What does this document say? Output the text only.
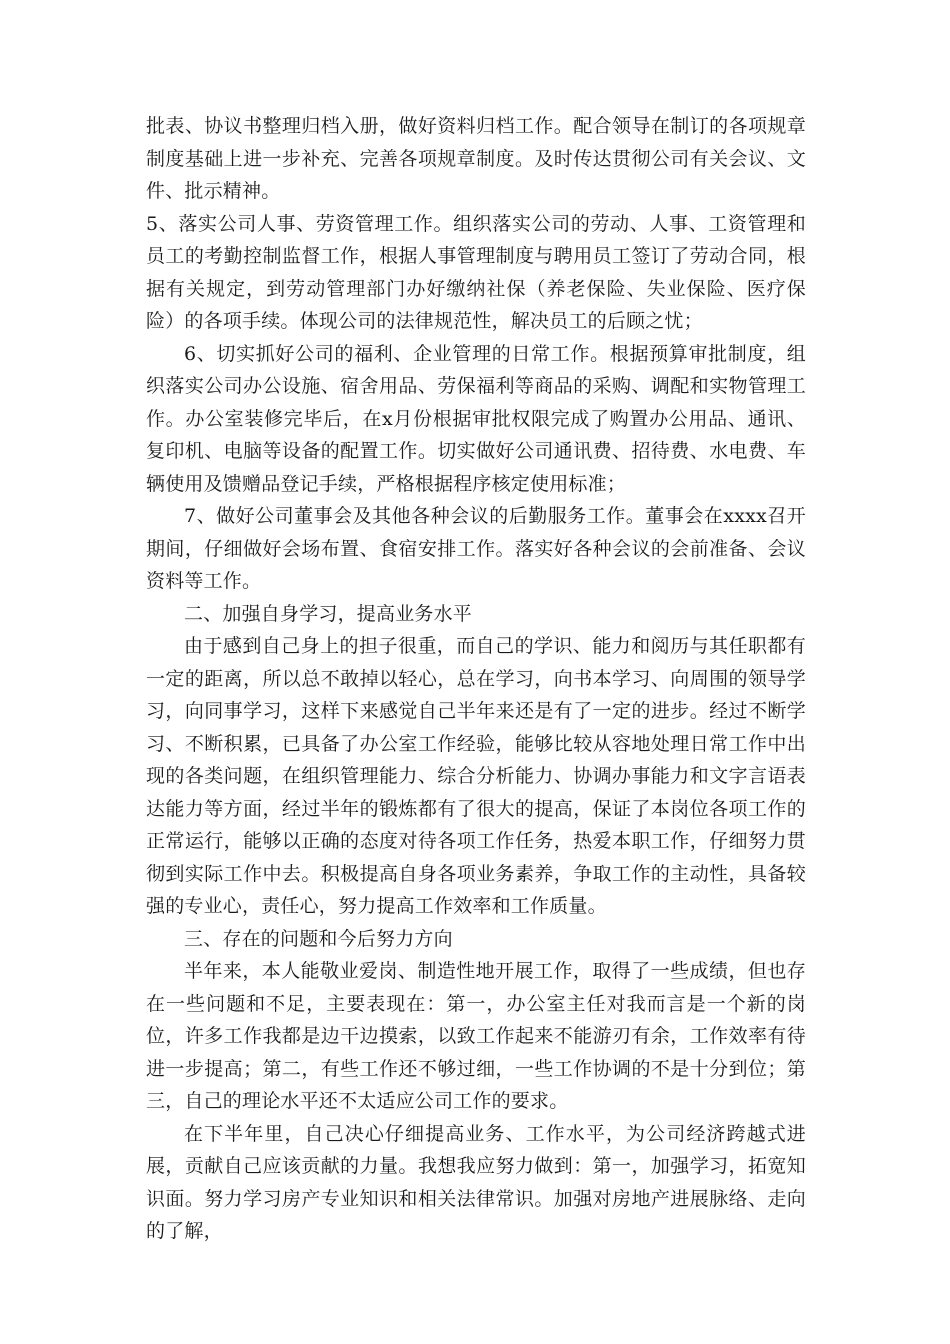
批表、协议书整理归档入册，做好资料归档工作。配合领导在制订的各项规章制度基础上进一步补充、完善各项规章制度。及时传达贯彻公司有关会议、文件、批示精神。

5、落实公司人事、劳资管理工作。组织落实公司的劳动、人事、工资管理和员工的考勤控制监督工作，根据人事管理制度与聘用员工签订了劳动合同，根据有关规定，到劳动管理部门办好缴纳社保（养老保险、失业保险、医疗保险）的各项手续。体现公司的法律规范性，解决员工的后顾之忧；

6、切实抓好公司的福利、企业管理的日常工作。根据预算审批制度，组织落实公司办公设施、宿舍用品、劳保福利等商品的采购、调配和实物管理工作。办公室装修完毕后，在x月份根据审批权限完成了购置办公用品、通讯、复印机、电脑等设备的配置工作。切实做好公司通讯费、招待费、水电费、车辆使用及馈赠品登记手续，严格根据程序核定使用标准；

7、做好公司董事会及其他各种会议的后勤服务工作。董事会在xxxx召开期间，仔细做好会场布置、食宿安排工作。落实好各种会议的会前准备、会议资料等工作。

二、加强自身学习，提高业务水平

由于感到自己身上的担子很重，而自己的学识、能力和阅历与其任职都有一定的距离，所以总不敢掉以轻心，总在学习，向书本学习、向周围的领导学习，向同事学习，这样下来感觉自己半年来还是有了一定的进步。经过不断学习、不断积累，已具备了办公室工作经验，能够比较从容地处理日常工作中出现的各类问题，在组织管理能力、综合分析能力、协调办事能力和文字言语表达能力等方面，经过半年的锻炼都有了很大的提高，保证了本岗位各项工作的正常运行，能够以正确的态度对待各项工作任务，热爱本职工作，仔细努力贯彻到实际工作中去。积极提高自身各项业务素养，争取工作的主动性，具备较强的专业心，责任心，努力提高工作效率和工作质量。

三、存在的问题和今后努力方向

半年来，本人能敬业爱岗、制造性地开展工作，取得了一些成绩，但也存在一些问题和不足，主要表现在：第一，办公室主任对我而言是一个新的岗位，许多工作我都是边干边摸索，以致工作起来不能游刃有余，工作效率有待进一步提高；第二，有些工作还不够过细，一些工作协调的不是十分到位；第三，自己的理论水平还不太适应公司工作的要求。

在下半年里，自己决心仔细提高业务、工作水平，为公司经济跨越式进展，贡献自己应该贡献的力量。我想我应努力做到：第一，加强学习，拓宽知识面。努力学习房产专业知识和相关法律常识。加强对房地产进展脉络、走向的了解，
